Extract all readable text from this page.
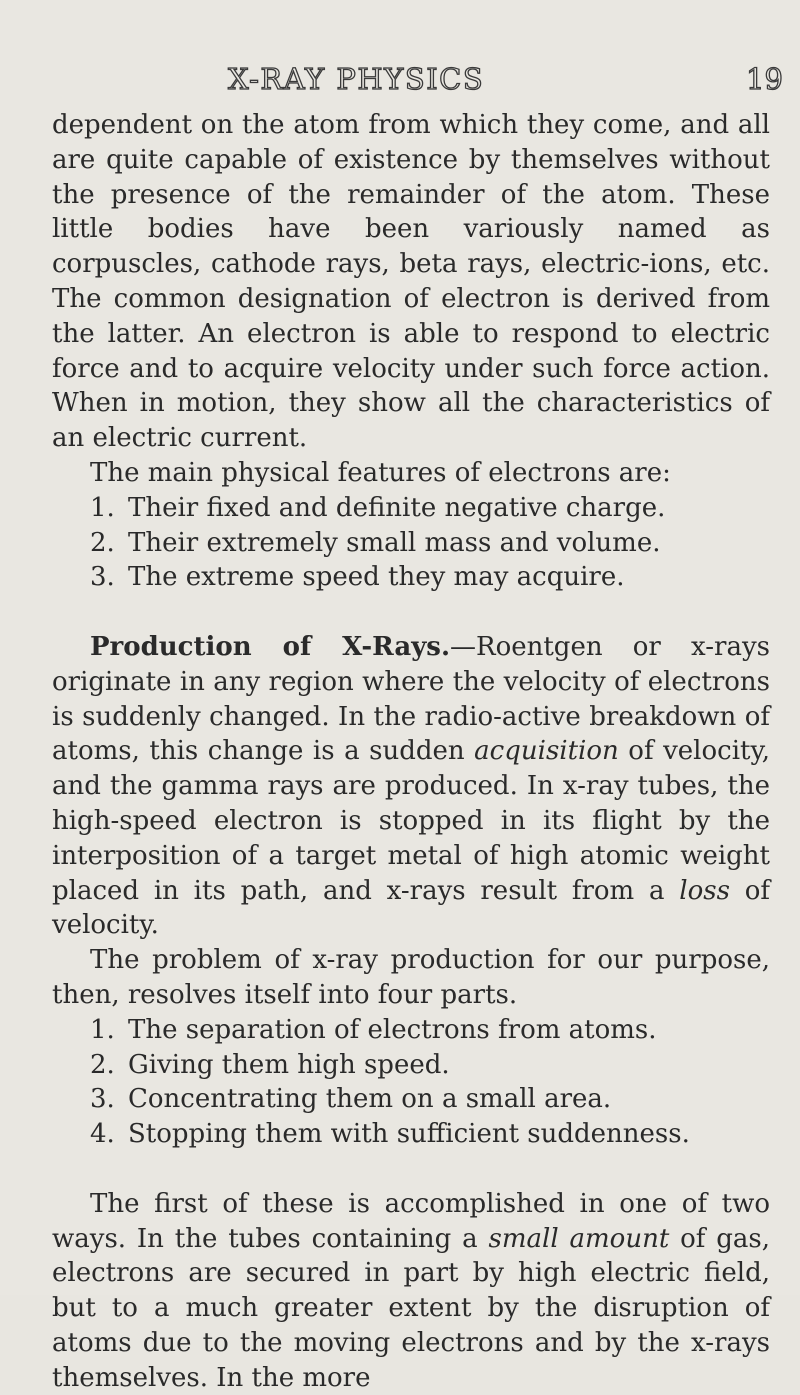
X-RAY PHYSICS	19

dependent on the atom from which they come, and all are quite capable of existence by themselves without the presence of the remainder of the atom. These little bodies have been variously named as corpuscles, cathode rays, beta rays, electric-ions, etc. The common designation of electron is derived from the latter. An electron is able to respond to electric force and to acquire velocity under such force action. When in motion, they show all the characteristics of an electric current.

The main physical features of electrons are:

1. Their fixed and definite negative charge.
2. Their extremely small mass and volume.
3. The extreme speed they may acquire.

Production of X-Rays.—Roentgen or x-rays originate in any region where the velocity of electrons is suddenly changed. In the radio-active breakdown of atoms, this change is a sudden acquisition of velocity, and the gamma rays are produced. In x-ray tubes, the high-speed electron is stopped in its flight by the interposition of a target metal of high atomic weight placed in its path, and x-rays result from a loss of velocity.

The problem of x-ray production for our purpose, then, resolves itself into four parts.

1. The separation of electrons from atoms.
2. Giving them high speed.
3. Concentrating them on a small area.
4. Stopping them with sufficient suddenness.

The first of these is accomplished in one of two ways. In the tubes containing a small amount of gas, electrons are secured in part by high electric field, but to a much greater extent by the disruption of atoms due to the moving electrons and by the x-rays themselves. In the more
